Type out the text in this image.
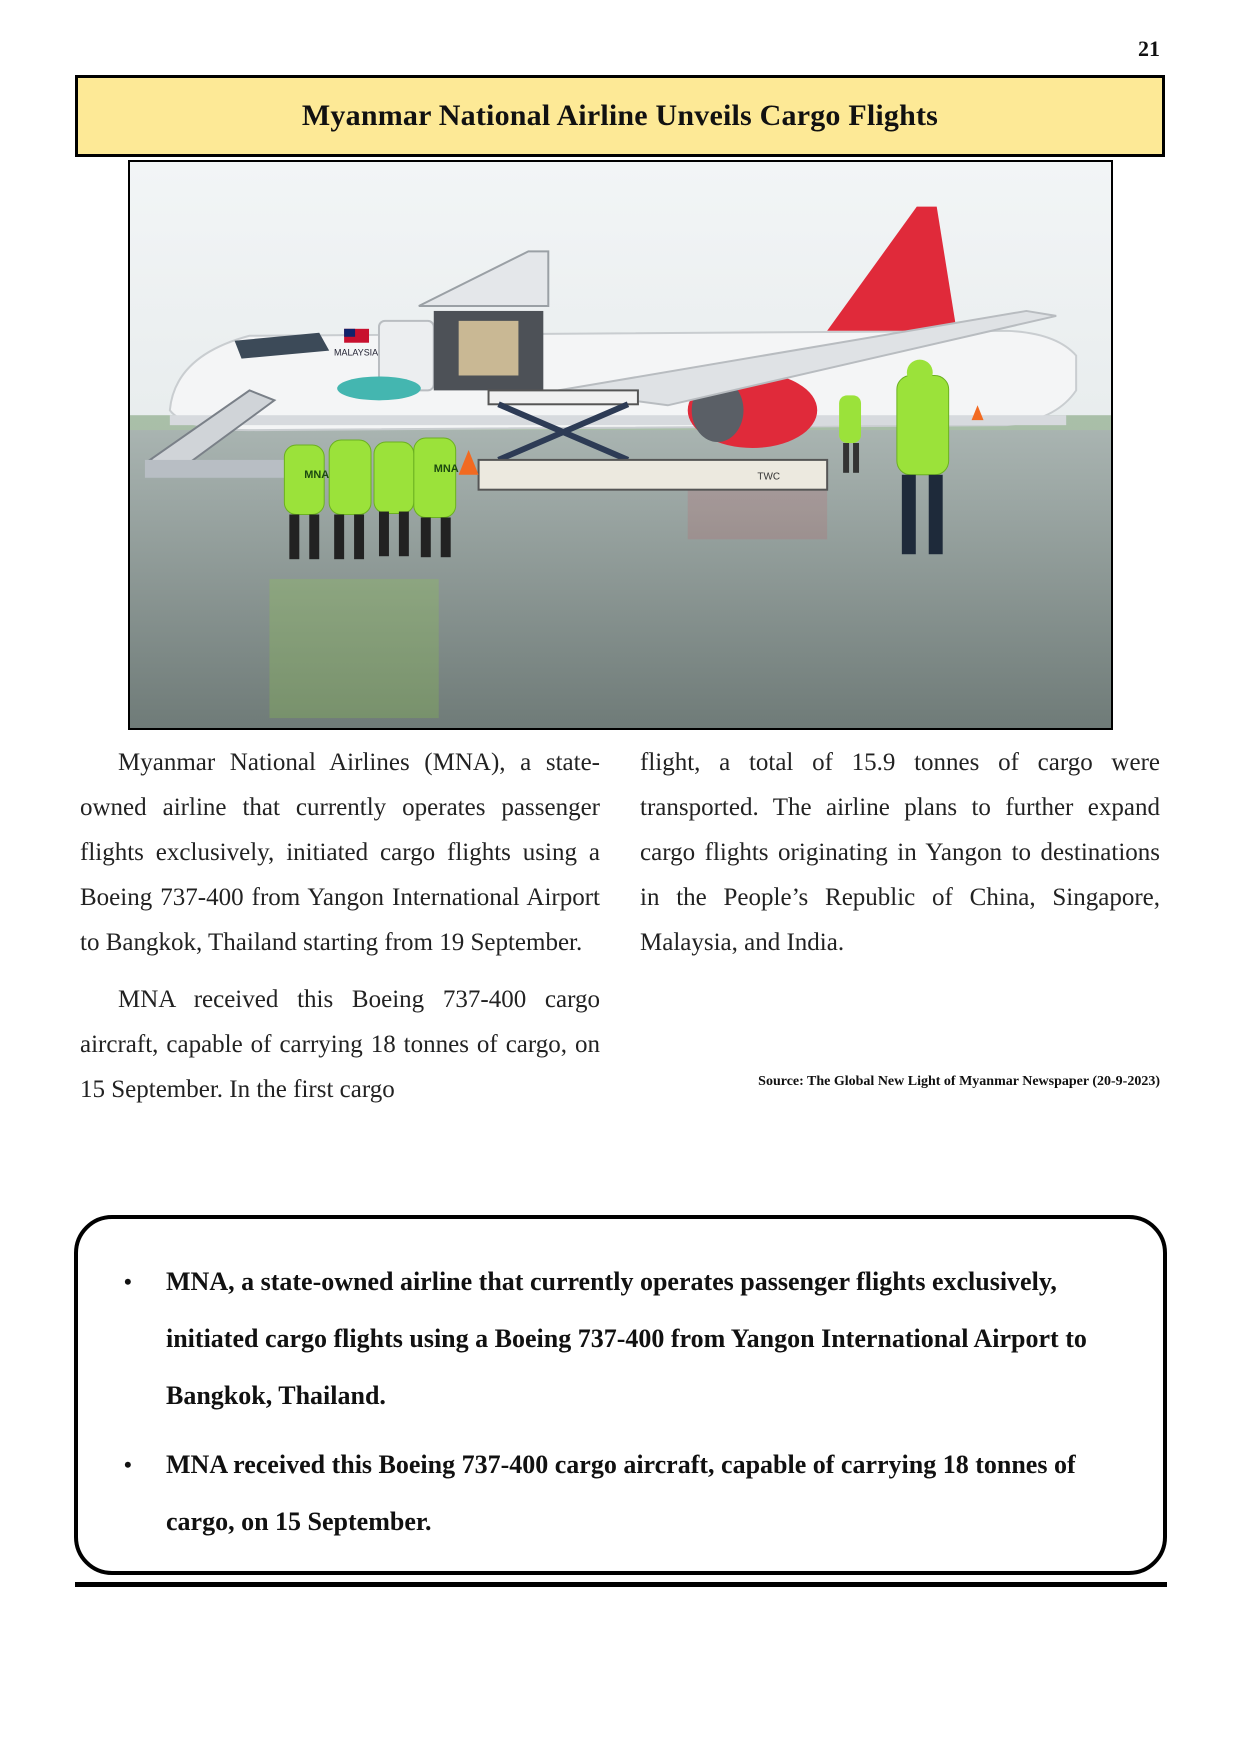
21
Myanmar National Airline Unveils Cargo Flights
MALAYSIA
TWC
MNA	MNA

Myanmar National Airlines (MNA), a state-owned airline that currently operates passenger flights exclusively, initiated cargo flights using a Boeing 737-400 from Yangon International Airport to Bangkok, Thailand starting from 19 September.

MNA received this Boeing 737-400 cargo aircraft, capable of carrying 18 tonnes of cargo, on 15 September. In the first cargo

flight, a total of 15.9 tonnes of cargo were transported. The airline plans to further expand cargo flights originating in Yangon to destinations in the People’s Republic of China, Singapore, Malaysia, and India.

Source: The Global New Light of Myanmar Newspaper (20-9-2023)
• MNA, a state-owned airline that currently operates passenger flights exclusively, initiated cargo flights using a Boeing 737-400 from Yangon International Airport to Bangkok, Thailand.
• MNA received this Boeing 737-400 cargo aircraft, capable of carrying 18 tonnes of cargo, on 15 September.
